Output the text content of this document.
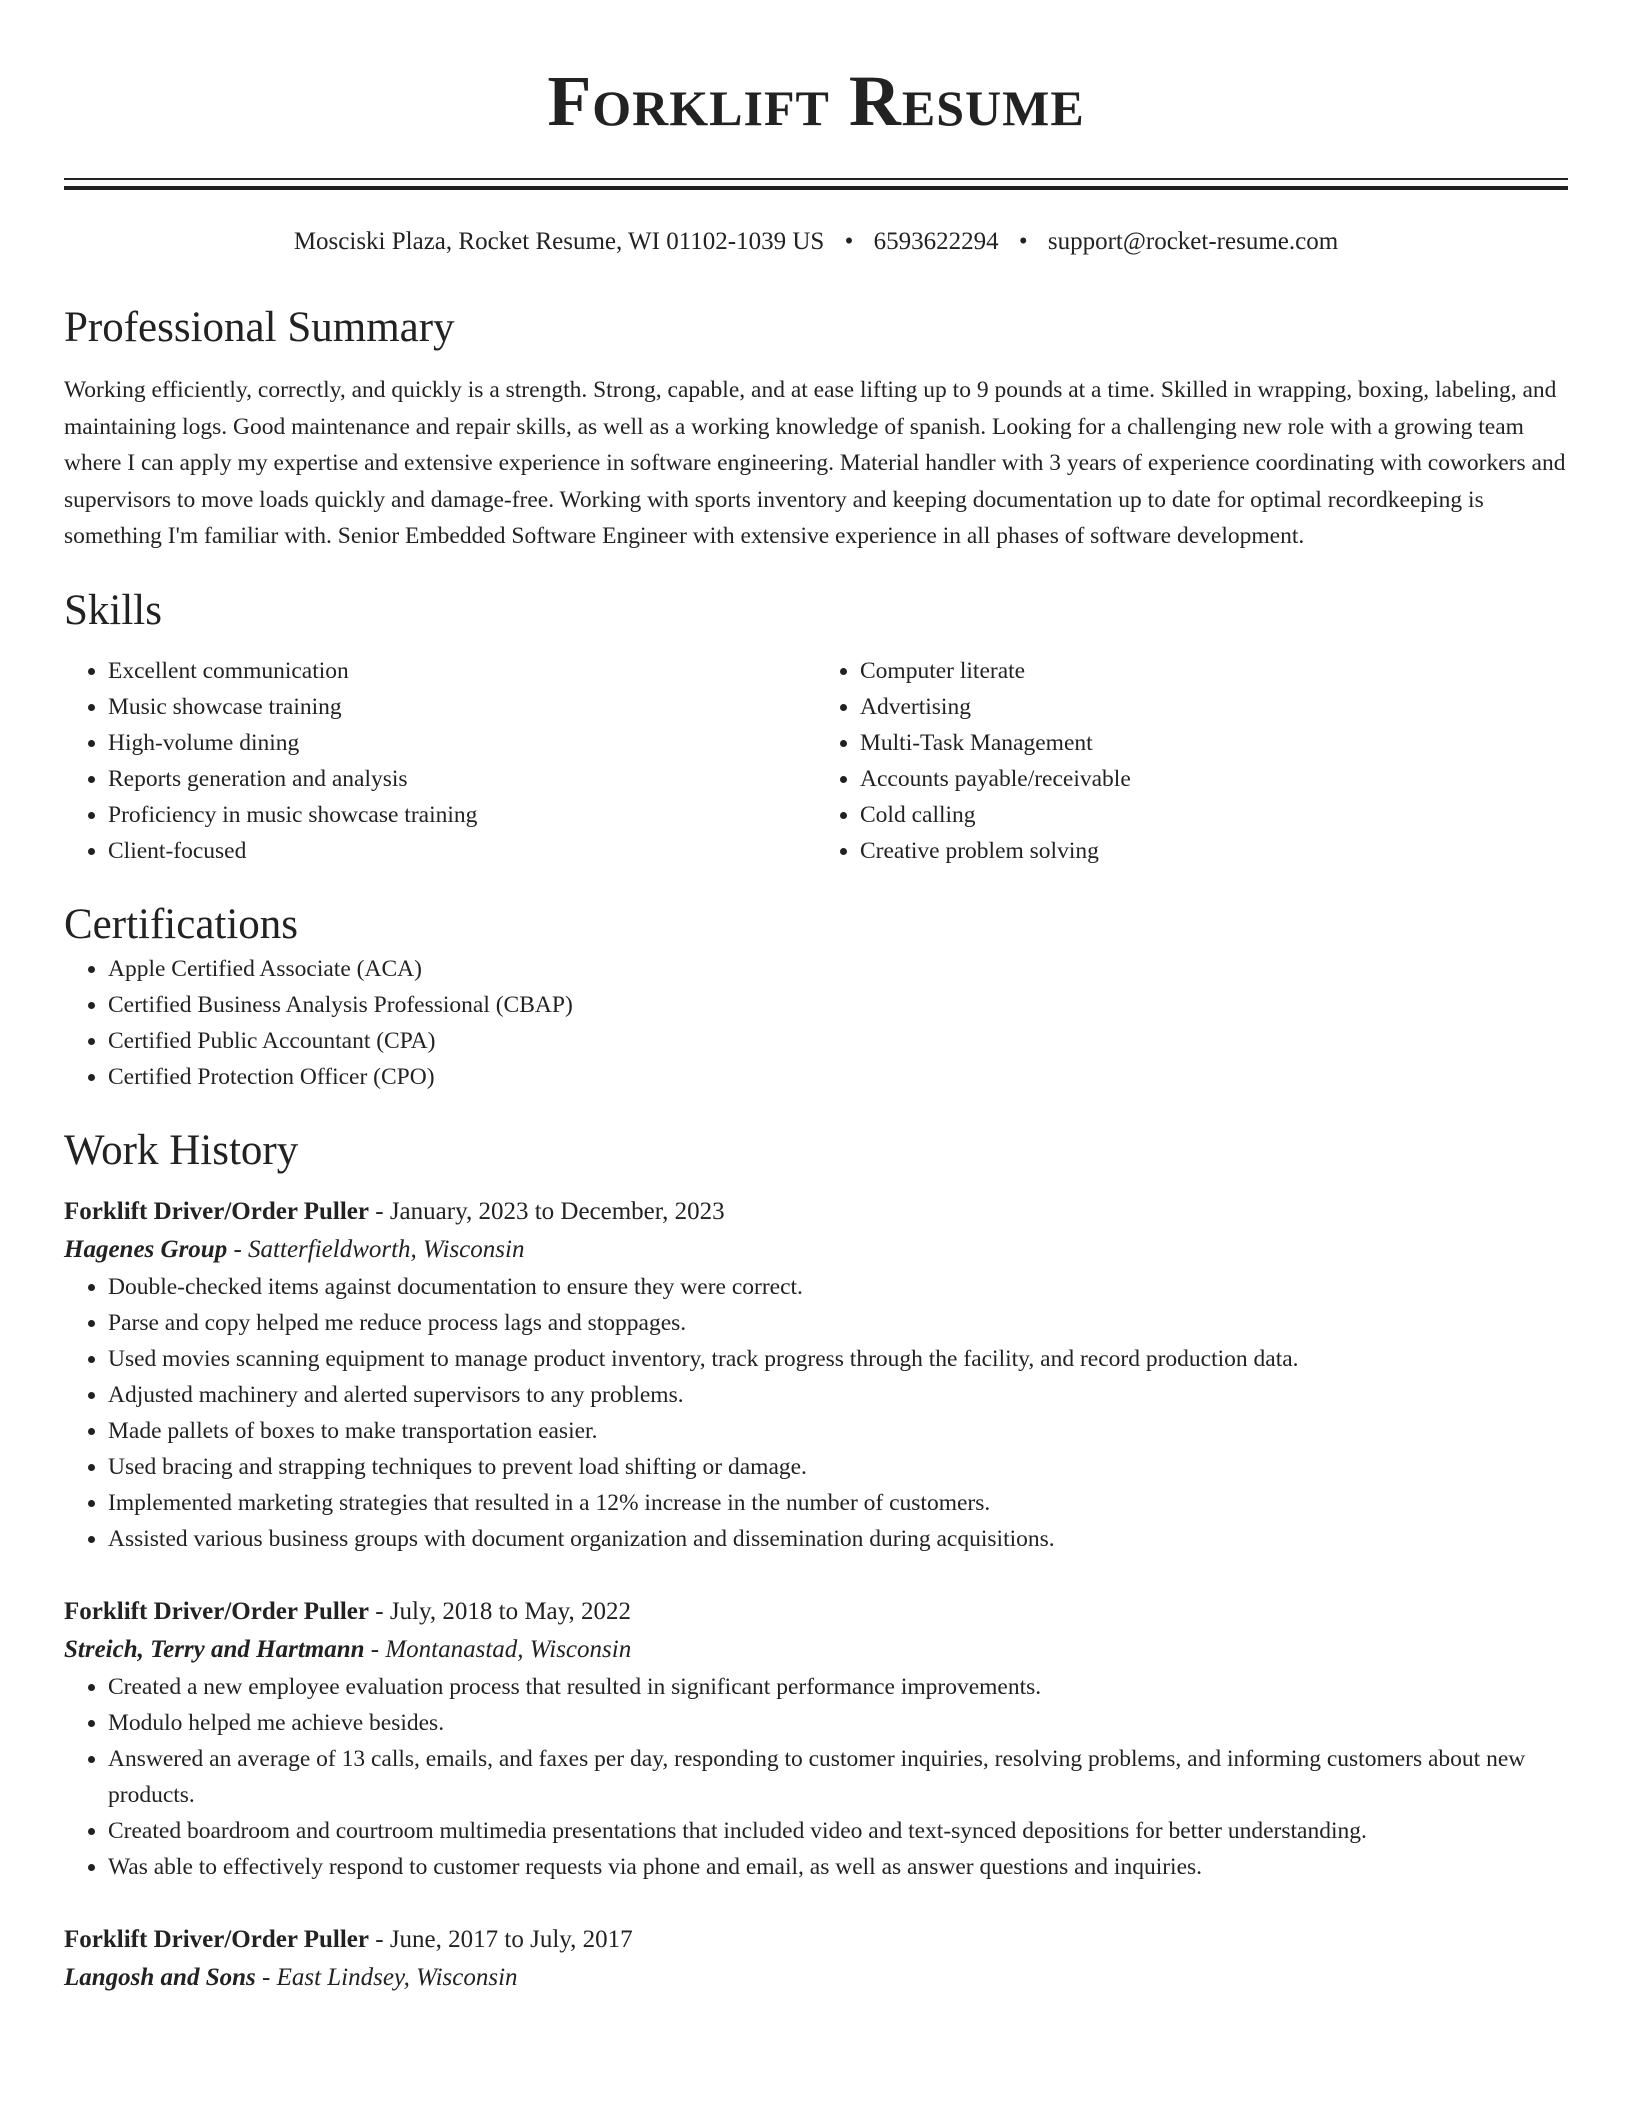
Forklift Resume
Mosciski Plaza, Rocket Resume, WI 01102-1039 US • 6593622294 • support@rocket-resume.com
Professional Summary

Working efficiently, correctly, and quickly is a strength. Strong, capable, and at ease lifting up to 9 pounds at a time. Skilled in wrapping, boxing, labeling, and maintaining logs. Good maintenance and repair skills, as well as a working knowledge of spanish. Looking for a challenging new role with a growing team where I can apply my expertise and extensive experience in software engineering. Material handler with 3 years of experience coordinating with coworkers and supervisors to move loads quickly and damage-free. Working with sports inventory and keeping documentation up to date for optimal recordkeeping is something I'm familiar with. Senior Embedded Software Engineer with extensive experience in all phases of software development.

Skills
• Excellent communication
• Music showcase training
• High-volume dining
• Reports generation and analysis
• Proficiency in music showcase training
• Client-focused
• Computer literate
• Advertising
• Multi-Task Management
• Accounts payable/receivable
• Cold calling
• Creative problem solving
Certifications
• Apple Certified Associate (ACA)
• Certified Business Analysis Professional (CBAP)
• Certified Public Accountant (CPA)
• Certified Protection Officer (CPO)
Work History
Forklift Driver/Order Puller - January, 2023 to December, 2023
Hagenes Group - Satterfieldworth, Wisconsin
• Double-checked items against documentation to ensure they were correct.
• Parse and copy helped me reduce process lags and stoppages.
• Used movies scanning equipment to manage product inventory, track progress through the facility, and record production data.
• Adjusted machinery and alerted supervisors to any problems.
• Made pallets of boxes to make transportation easier.
• Used bracing and strapping techniques to prevent load shifting or damage.
• Implemented marketing strategies that resulted in a 12% increase in the number of customers.
• Assisted various business groups with document organization and dissemination during acquisitions.
Forklift Driver/Order Puller - July, 2018 to May, 2022
Streich, Terry and Hartmann - Montanastad, Wisconsin
• Created a new employee evaluation process that resulted in significant performance improvements.
• Modulo helped me achieve besides.
• Answered an average of 13 calls, emails, and faxes per day, responding to customer inquiries, resolving problems, and informing customers about new products.
• Created boardroom and courtroom multimedia presentations that included video and text-synced depositions for better understanding.
• Was able to effectively respond to customer requests via phone and email, as well as answer questions and inquiries.
Forklift Driver/Order Puller - June, 2017 to July, 2017
Langosh and Sons - East Lindsey, Wisconsin
